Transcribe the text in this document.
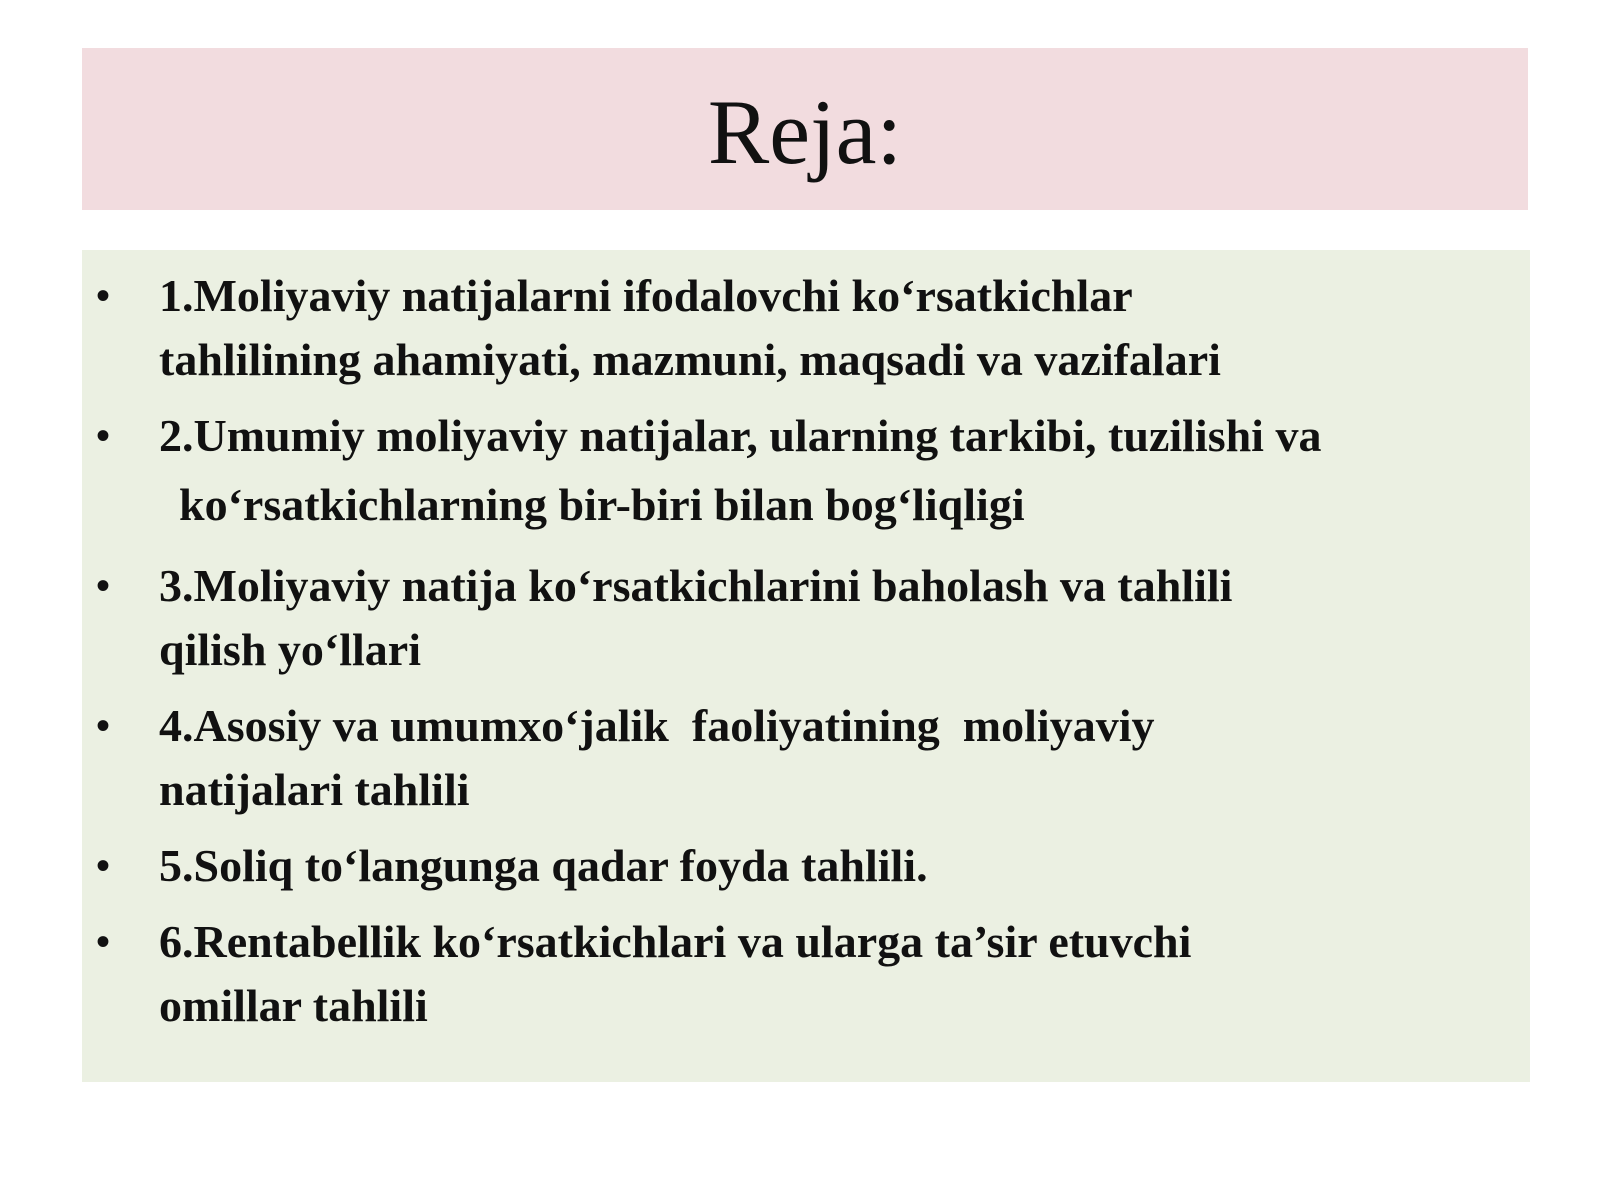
Reja:
•	1.Moliyaviy natijalarni ifodalovchi ko‘rsatkichlar
tahlilining ahamiyati, mazmuni, maqsadi va vazifalari
•	2.Umumiy moliyaviy natijalar, ularning tarkibi, tuzilishi va
ko‘rsatkichlarning bir-biri bilan bog‘liqligi
•	3.Moliyaviy natija ko‘rsatkichlarini baholash va tahlili
qilish yo‘llari
•	4.Asosiy va umumxo‘jalik  faoliyatining  moliyaviy
natijalari tahlili
•	5.Soliq to‘langunga qadar foyda tahlili.
•	6.Rentabellik ko‘rsatkichlari va ularga ta’sir etuvchi
omillar tahlili
